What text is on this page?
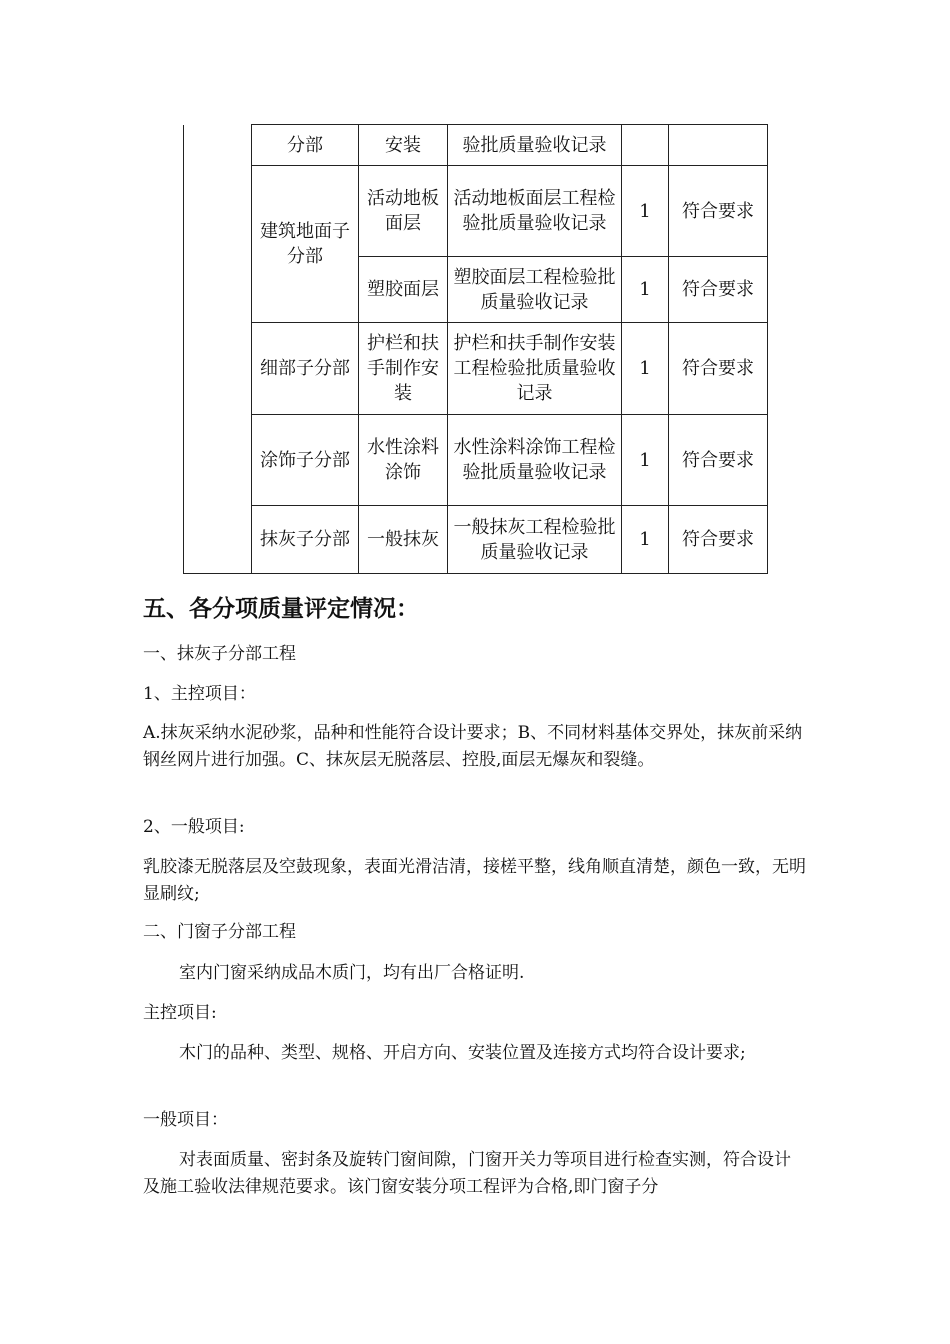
	分部	安装	验批质量验收记录		
	建筑地面子分部	活动地板面层	活动地板面层工程检验批质量验收记录	1	符合要求
		塑胶面层	塑胶面层工程检验批质量验收记录	1	符合要求
	细部子分部	护栏和扶手制作安装	护栏和扶手制作安装工程检验批质量验收记录	1	符合要求
	涂饰子分部	水性涂料涂饰	水性涂料涂饰工程检验批质量验收记录	1	符合要求
	抹灰子分部	一般抹灰	一般抹灰工程检验批质量验收记录	1	符合要求
五、各分项质量评定情况：

一、抹灰子分部工程

1、主控项目：

A.抹灰采纳水泥砂浆，品种和性能符合设计要求；B、不同材料基体交界处，抹灰前采纳钢丝网片进行加强。C、抹灰层无脱落层、控股,面层无爆灰和裂缝。

2、一般项目:

乳胶漆无脱落层及空鼓现象，表面光滑洁清，接槎平整，线角顺直清楚，颜色一致，无明显刷纹;

二、门窗子分部工程

室内门窗采纳成品木质门，均有出厂合格证明.

主控项目:

木门的品种、类型、规格、开启方向、安装位置及连接方式均符合设计要求;

一般项目：

对表面质量、密封条及旋转门窗间隙，门窗开关力等项目进行检查实测，符合设计及施工验收法律规范要求。该门窗安装分项工程评为合格,即门窗子分
